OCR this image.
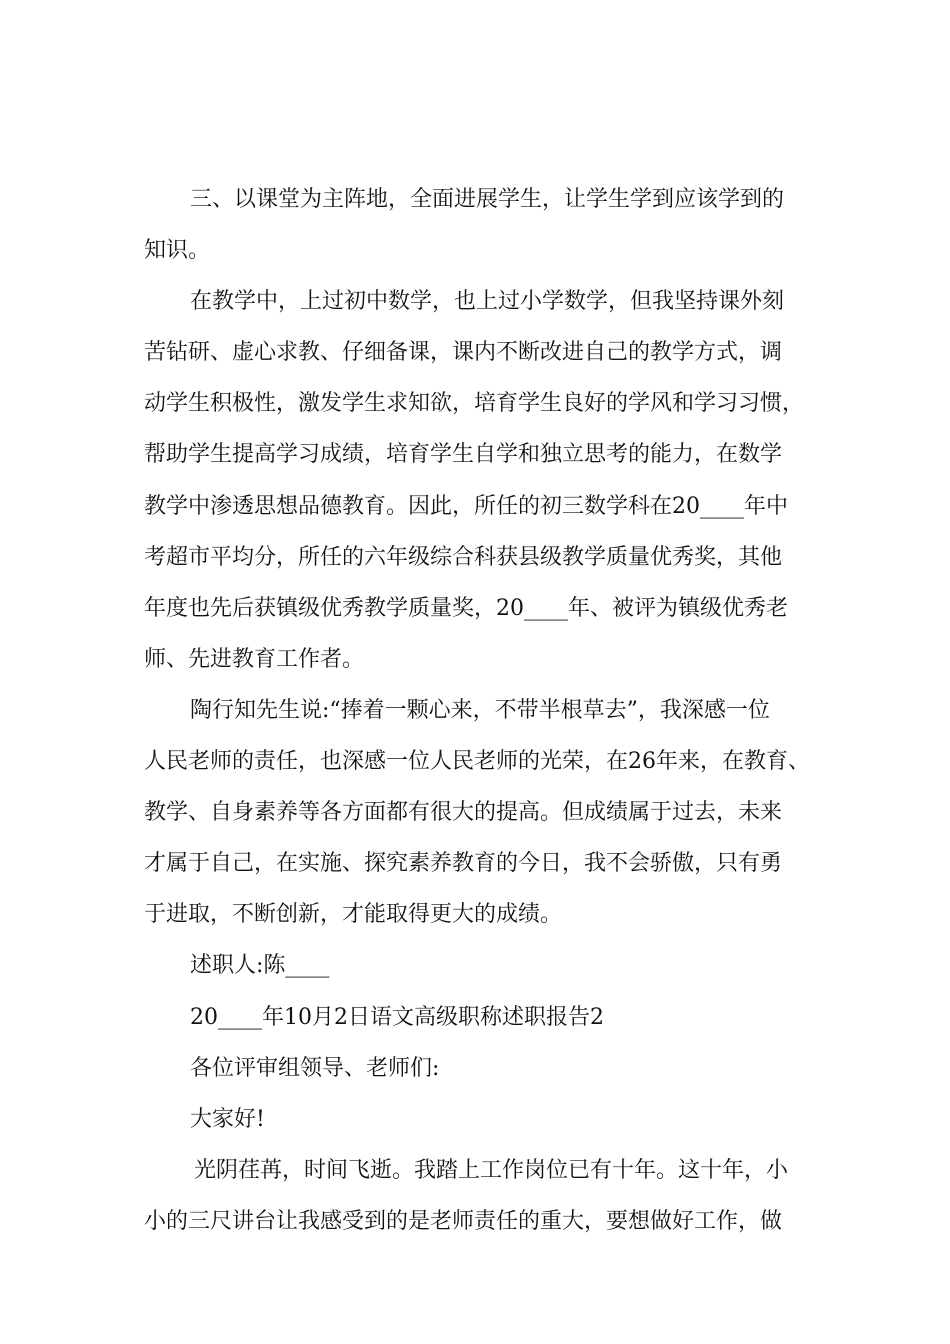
三、以课堂为主阵地，全面进展学生，让学生学到应该学到的
知识。
在教学中，上过初中数学，也上过小学数学，但我坚持课外刻
苦钻研、虚心求教、仔细备课，课内不断改进自己的教学方式，调
动学生积极性，激发学生求知欲，培育学生良好的学风和学习习惯，
帮助学生提高学习成绩，培育学生自学和独立思考的能力，在数学
教学中渗透思想品德教育。因此，所任的初三数学科在20____年中
考超市平均分，所任的六年级综合科获县级教学质量优秀奖，其他
年度也先后获镇级优秀教学质量奖，20____年、被评为镇级优秀老
师、先进教育工作者。
陶行知先生说:“捧着一颗心来，不带半根草去”，我深感一位
人民老师的责任，也深感一位人民老师的光荣，在26年来，在教育、
教学、自身素养等各方面都有很大的提高。但成绩属于过去，未来
才属于自己，在实施、探究素养教育的今日，我不会骄傲，只有勇
于进取，不断创新，才能取得更大的成绩。
述职人:陈____
20____年10月2日语文高级职称述职报告2
各位评审组领导、老师们:
大家好!
光阴荏苒，时间飞逝。我踏上工作岗位已有十年。这十年，小
小的三尺讲台让我感受到的是老师责任的重大，要想做好工作，做
